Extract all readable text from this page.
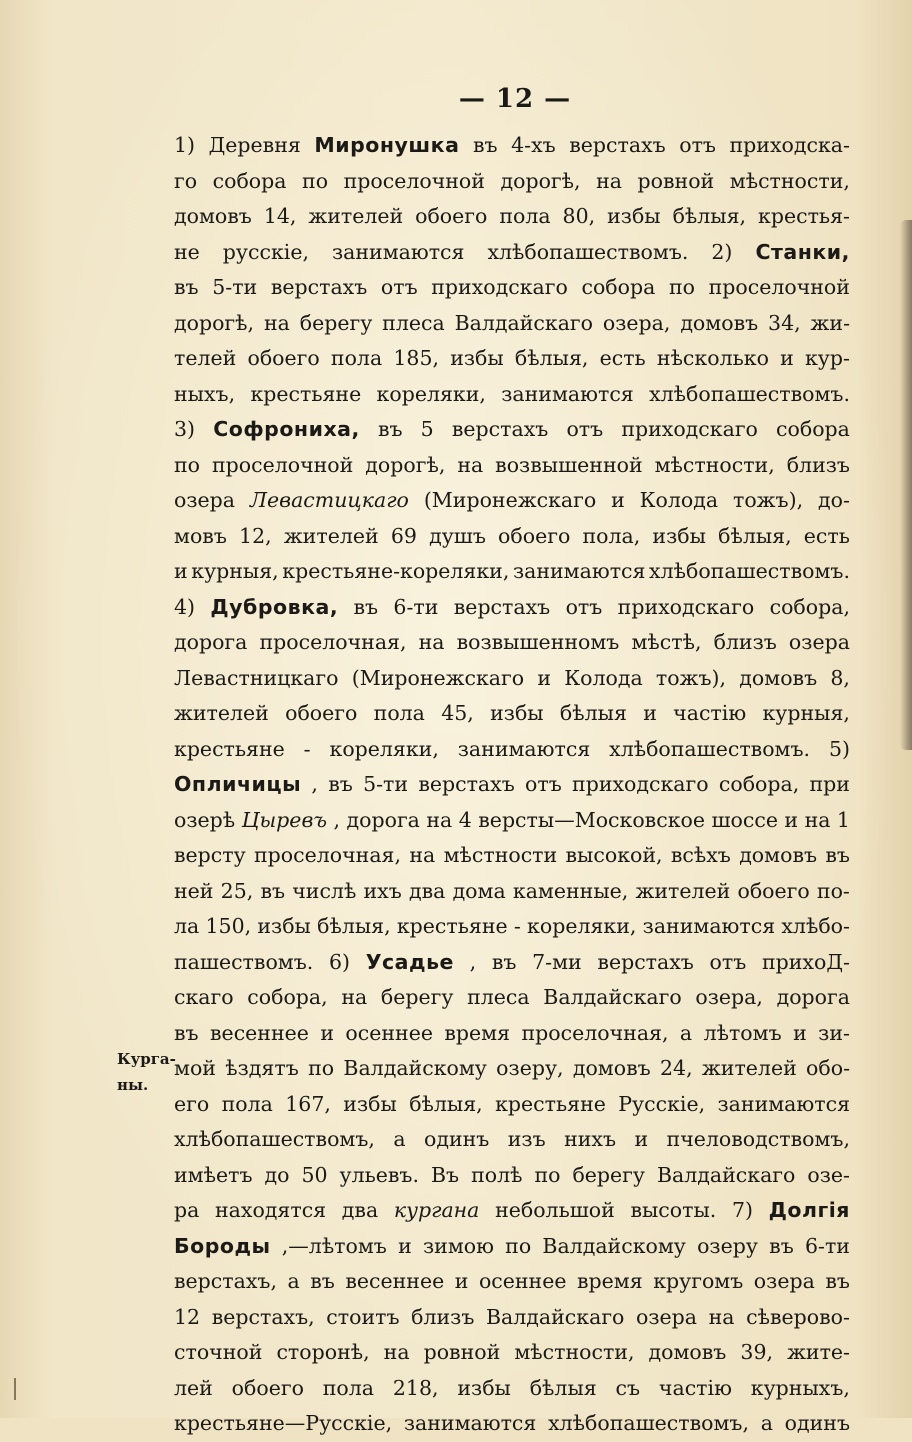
— 12 —
Курга-
ны.
1) Деревня Миронушка въ 4-хъ верстахъ отъ приходска-
го собора по проселочной дорогѣ, на ровной мѣстности,
домовъ 14, жителей обоего пола 80, избы бѣлыя, крестья-
не русскіе, занимаются хлѣбопашествомъ. 2) Станки,
въ 5-ти верстахъ отъ приходскаго собора по проселочной
дорогѣ, на берегу плеса Валдайскаго озера, домовъ 34, жи-
телей обоего пола 185, избы бѣлыя, есть нѣсколько и кур-
ныхъ, крестьяне кореляки, занимаются хлѣбопашествомъ.
3) Софрониха, въ 5 верстахъ отъ приходскаго собора
по проселочной дорогѣ, на возвышенной мѣстности, близъ
озера Левастицкаго (Миронежскаго и Колода тожъ), до-
мовъ 12, жителей 69 душъ обоего пола, избы бѣлыя, есть
и курныя, крестьяне-кореляки, занимаются хлѣбопашествомъ.
4) Дубровка, въ 6-ти верстахъ отъ приходскаго собора,
дорога проселочная, на возвышенномъ мѣстѣ, близъ озера
Левастницкаго (Миронежскаго и Колода тожъ), домовъ 8,
жителей обоего пола 45, избы бѣлыя и частію курныя,
крестьяне - кореляки, занимаются хлѣбопашествомъ. 5)
Опличицы , въ 5-ти верстахъ отъ приходскаго собора, при
озерѣ Цыревъ , дорога на 4 версты—Московское шоссе и на 1
версту проселочная, на мѣстности высокой, всѣхъ домовъ въ
ней 25, въ числѣ ихъ два дома каменные, жителей обоего по-
ла 150, избы бѣлыя, крестьяне - кореляки, занимаются хлѣбо-
пашествомъ. 6) Усадье , въ 7-ми верстахъ отъ прихоД-
скаго собора, на берегу плеса Валдайскаго озера, дорога
въ весеннее и осеннее время проселочная, а лѣтомъ и зи-
мой ѣздятъ по Валдайскому озеру, домовъ 24, жителей обо-
его пола 167, избы бѣлыя, крестьяне Русскіе, занимаются
хлѣбопашествомъ, а одинъ изъ нихъ и пчеловодствомъ,
имѣетъ до 50 ульевъ. Въ полѣ по берегу Валдайскаго озе-
ра находятся два кургана небольшой высоты. 7) Долгія
Бороды ,—лѣтомъ и зимою по Валдайскому озеру въ 6-ти
верстахъ, а въ весеннее и осеннее время кругомъ озера въ
12 верстахъ, стоитъ близъ Валдайскаго озера на сѣверово-
сточной сторонѣ, на ровной мѣстности, домовъ 39, жите-
лей обоего пола 218, избы бѣлыя съ частію курныхъ,
крестьяне—Русскіе, занимаются хлѣбопашествомъ, а одинъ
